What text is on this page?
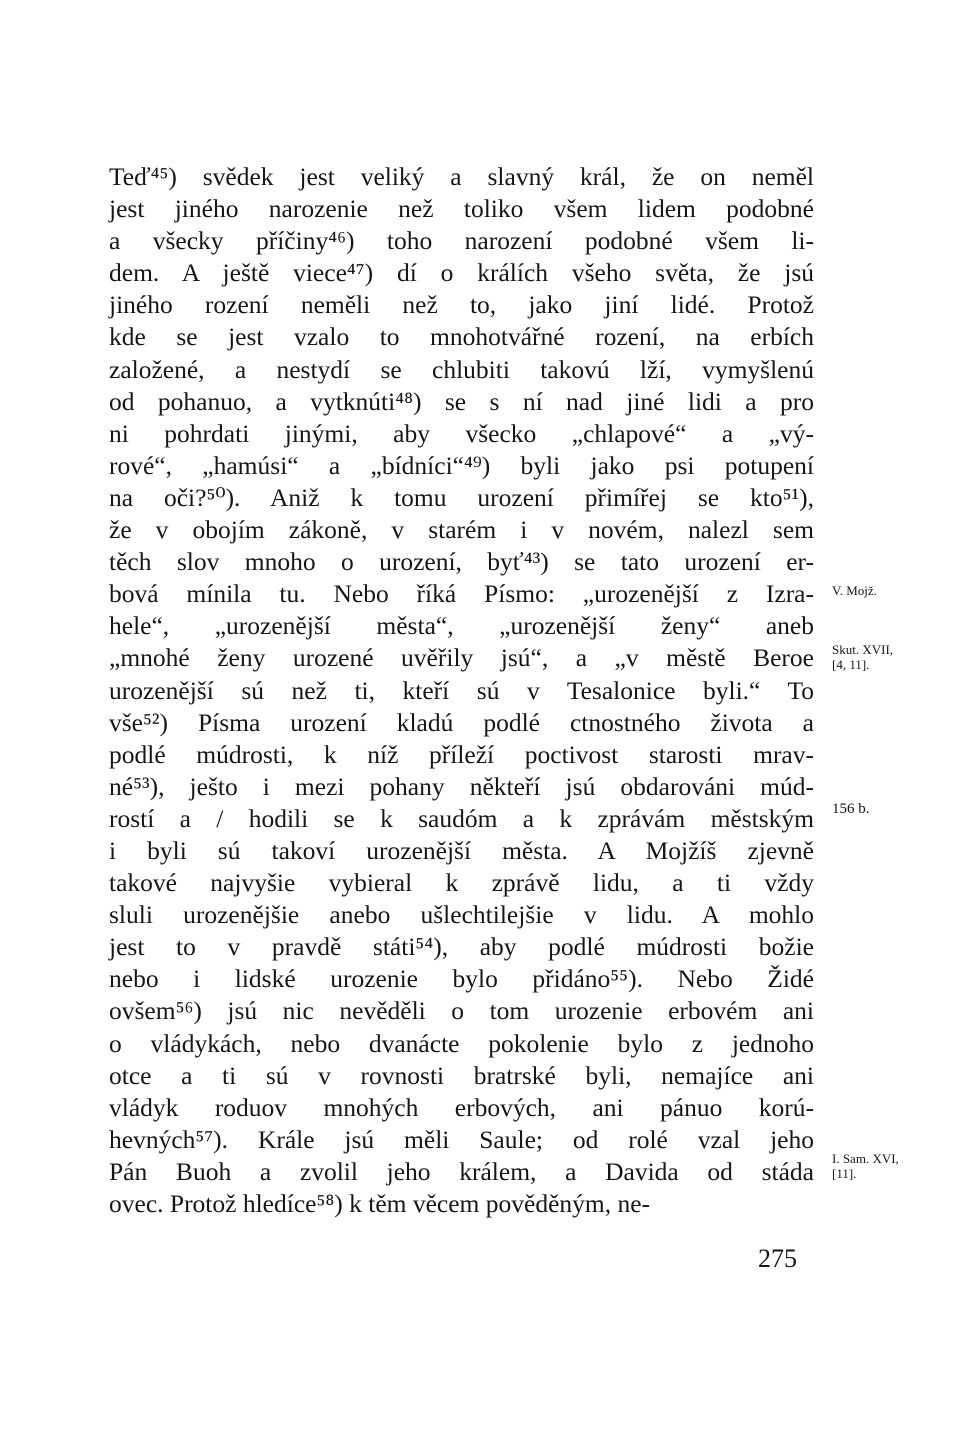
Teď⁴⁵) svědek jest veliký a slavný král, že on neměl
jest jiného narozenie než toliko všem lidem podobné
a všecky příčiny⁴⁶) toho narození podobné všem li-
dem. A ještě viece⁴⁷) dí o králích všeho světa, že jsú
jiného rození neměli než to, jako jiní lidé. Protož
kde se jest vzalo to mnohotvářné rození, na erbích
založené, a nestydí se chlubiti takovú lží, vymyšlenú
od pohanuo, a vytknúti⁴⁸) se s ní nad jiné lidi a pro
ni pohrdati jinými, aby všecko „chlapové“ a „vý-
rové“, „hamúsi“ a „bídníci“⁴⁹) byli jako psi potupení
na oči?⁵⁰). Aniž k tomu urození přimířej se kto⁵¹),
že v obojím zákoně, v starém i v novém, nalezl sem
těch slov mnoho o urození, byť⁴³) se tato urození er-
bová mínila tu. Nebo říká Písmo: „urozenější z Izra-
hele“, „urozenější města“, „urozenější ženy“ aneb
„mnohé ženy urozené uvěřily jsú“, a „v městě Beroe
urozenější sú než ti, kteří sú v Tesalonice byli.“ To
vše⁵²) Písma urození kladú podlé ctnostného života a
podlé múdrosti, k níž příleží poctivost starosti mrav-
né⁵³), ješto i mezi pohany někteří jsú obdarováni múd-
rostí a / hodili se k saudóm a k zprávám městským
i byli sú takoví urozenější města. A Mojžíš zjevně
takové najvyšie vybieral k zprávě lidu, a ti vždy
sluli urozenějšie anebo ušlechtilejšie v lidu. A mohlo
jest to v pravdě státi⁵⁴), aby podlé múdrosti božie
nebo i lidské urozenie bylo přidáno⁵⁵). Nebo Židé
ovšem⁵⁶) jsú nic nevěděli o tom urozenie erbovém ani
o vládykách, nebo dvanácte pokolenie bylo z jednoho
otce a ti sú v rovnosti bratrské byli, nemajíce ani
vládyk roduov mnohých erbových, ani pánuo korú-
hevných⁵⁷). Krále jsú měli Saule; od rolé vzal jeho
Pán Buoh a zvolil jeho králem, a Davida od stáda
ovec. Protož hledíce⁵⁸) k těm věcem pověděným, ne-
V. Mojž.
Skut. XVII,
[4, 11].
156 b.
I. Sam. XVI,
[11].
275
